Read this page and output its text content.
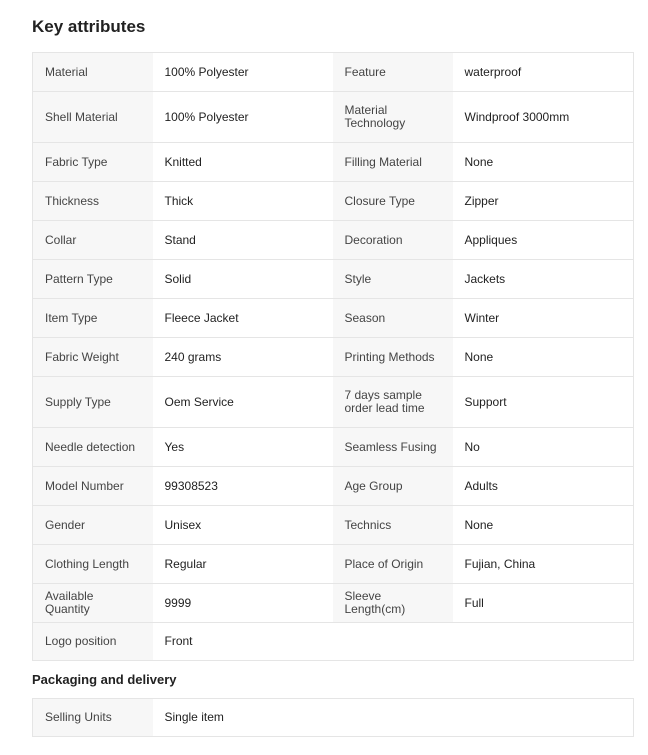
Key attributes
Material	100% Polyester	Feature	waterproof
Shell Material	100% Polyester	Material Technology	Windproof 3000mm
Fabric Type	Knitted	Filling Material	None
Thickness	Thick	Closure Type	Zipper
Collar	Stand	Decoration	Appliques
Pattern Type	Solid	Style	Jackets
Item Type	Fleece Jacket	Season	Winter
Fabric Weight	240 grams	Printing Methods	None
Supply Type	Oem Service	7 days sample order lead time	Support
Needle detection	Yes	Seamless Fusing	No
Model Number	99308523	Age Group	Adults
Gender	Unisex	Technics	None
Clothing Length	Regular	Place of Origin	Fujian, China
Available Quantity	9999	Sleeve Length(cm)	Full
Logo position	Front		
Packaging and delivery
Selling Units	Single item		
